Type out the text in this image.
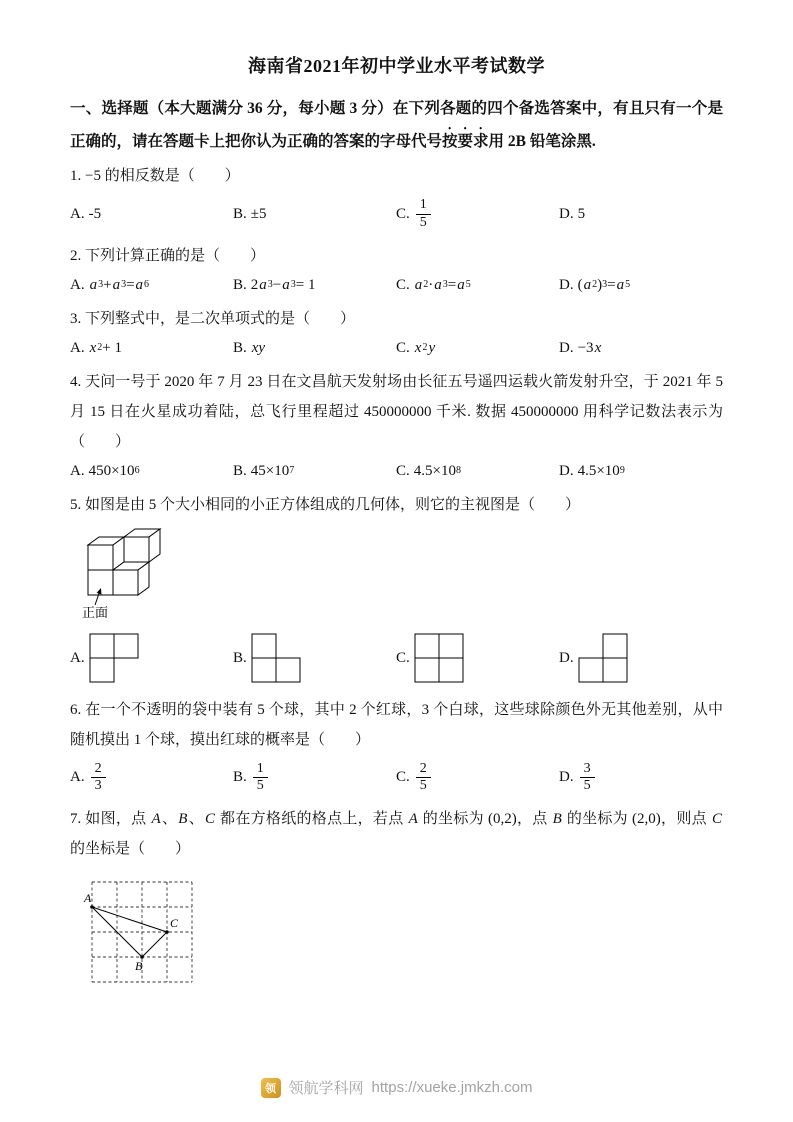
海南省2021年初中学业水平考试数学
一、选择题（本大题满分 36 分，每小题 3 分）在下列各题的四个备选答案中，有且只有一个是正确的，请在答题卡上把你认为正确的答案的字母代号按要求用 2B 铅笔涂黑.
1. −5 的相反数是（　　）
A. -5	B. ±5	C. $\frac{1}{5}$	D. 5
2. 下列计算正确的是（　　）
A. a 3 + a 3 = a 6	B. 2 a 3 − a 3 = 1	C. a 2 · a 3 = a 5	D. ( a 2 ) 3 = a 5
3. 下列整式中，是二次单项式的是（　　）
A. x 2 + 1	B. xy	C. x 2 y	D. −3 x
4. 天问一号于 2020 年 7 月 23 日在文昌航天发射场由长征五号遥四运载火箭发射升空，于 2021 年 5 月 15 日在火星成功着陆，总飞行里程超过 450000000 千米. 数据 450000000 用科学记数法表示为（　　）
A. 450×10 6	B. 45×10 7	C. 4.5×10 8	D. 4.5×10 9
5. 如图是由 5 个大小相同的小正方体组成的几何体，则它的主视图是（　　）
正面
A.	B.	C.	D.
6. 在一个不透明的袋中装有 5 个球，其中 2 个红球，3 个白球，这些球除颜色外无其他差别，从中随机摸出 1 个球，摸出红球的概率是（　　）
A. $\frac{2}{3}$	B. $\frac{1}{5}$	C. $\frac{2}{5}$	D. $\frac{3}{5}$
7. 如图，点 A、B、C 都在方格纸的格点上，若点 A 的坐标为 (0,2)，点 B 的坐标为 (2,0)，则点 C 的坐标是（　　）
A
C
B
领 领航学科网 https://xueke.jmkzh.com
